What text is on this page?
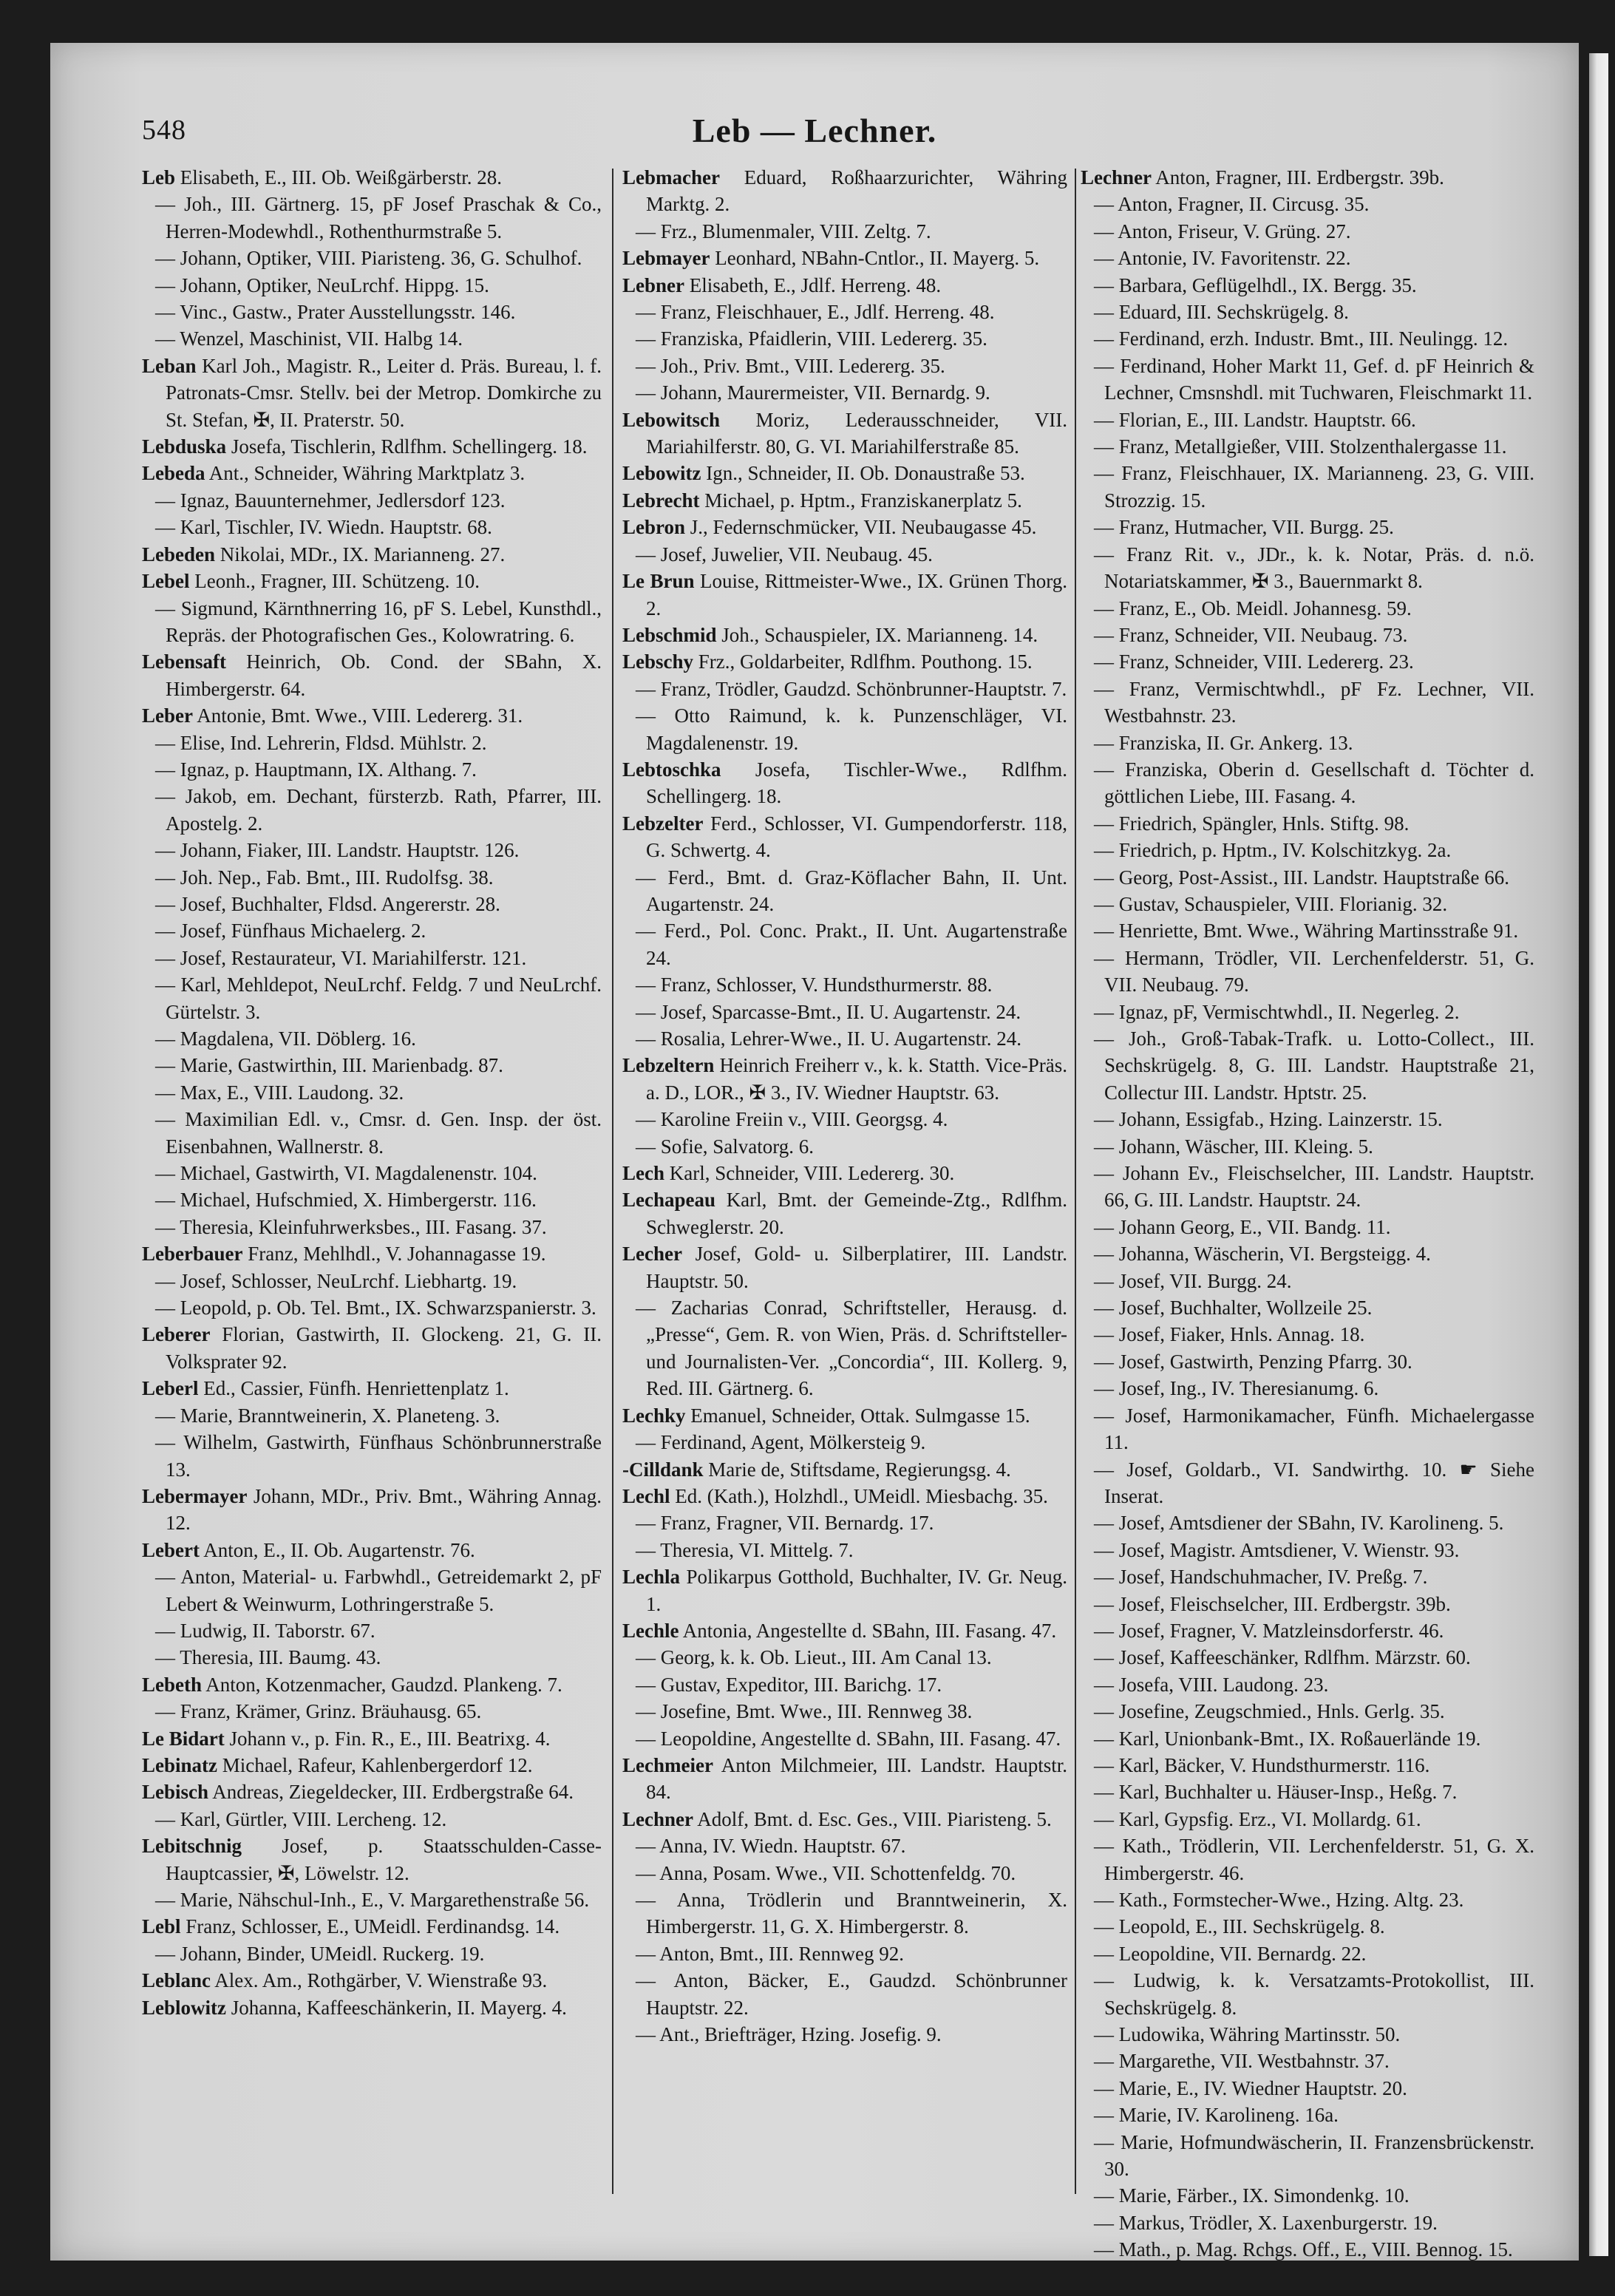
548	Leb — Lechner.
Leb Elisabeth, E., III. Ob. Weißgärberstr. 28.
— Joh., III. Gärtnerg. 15, pF Josef Praschak & Co., Herren-Modewhdl., Rothenthurmstraße 5.
— Johann, Optiker, VIII. Piaristeng. 36, G. Schulhof.
— Johann, Optiker, NeuLrchf. Hippg. 15.
— Vinc., Gastw., Prater Ausstellungsstr. 146.
— Wenzel, Maschinist, VII. Halbg 14.
Leban Karl Joh., Magistr. R., Leiter d. Präs. Bureau, l. f. Patronats-Cmsr. Stellv. bei der Metrop. Domkirche zu St. Stefan, ✠, II. Praterstr. 50.
Lebduska Josefa, Tischlerin, Rdlfhm. Schellingerg. 18.
Lebeda Ant., Schneider, Währing Marktplatz 3.
— Ignaz, Bauunternehmer, Jedlersdorf 123.
— Karl, Tischler, IV. Wiedn. Hauptstr. 68.
Lebeden Nikolai, MDr., IX. Marianneng. 27.
Lebel Leonh., Fragner, III. Schützeng. 10.
— Sigmund, Kärnthnerring 16, pF S. Lebel, Kunsthdl., Repräs. der Photografischen Ges., Kolowratring. 6.
Lebensaft Heinrich, Ob. Cond. der SBahn, X. Himbergerstr. 64.
Leber Antonie, Bmt. Wwe., VIII. Ledererg. 31.
— Elise, Ind. Lehrerin, Fldsd. Mühlstr. 2.
— Ignaz, p. Hauptmann, IX. Althang. 7.
— Jakob, em. Dechant, fürsterzb. Rath, Pfarrer, III. Apostelg. 2.
— Johann, Fiaker, III. Landstr. Hauptstr. 126.
— Joh. Nep., Fab. Bmt., III. Rudolfsg. 38.
— Josef, Buchhalter, Fldsd. Angererstr. 28.
— Josef, Fünfhaus Michaelerg. 2.
— Josef, Restaurateur, VI. Mariahilferstr. 121.
— Karl, Mehldepot, NeuLrchf. Feldg. 7 und NeuLrchf. Gürtelstr. 3.
— Magdalena, VII. Döblerg. 16.
— Marie, Gastwirthin, III. Marienbadg. 87.
— Max, E., VIII. Laudong. 32.
— Maximilian Edl. v., Cmsr. d. Gen. Insp. der öst. Eisenbahnen, Wallnerstr. 8.
— Michael, Gastwirth, VI. Magdalenenstr. 104.
— Michael, Hufschmied, X. Himbergerstr. 116.
— Theresia, Kleinfuhrwerksbes., III. Fasang. 37.
Leberbauer Franz, Mehlhdl., V. Johannagasse 19.
— Josef, Schlosser, NeuLrchf. Liebhartg. 19.
— Leopold, p. Ob. Tel. Bmt., IX. Schwarzspanierstr. 3.
Leberer Florian, Gastwirth, II. Glockeng. 21, G. II. Volksprater 92.
Leberl Ed., Cassier, Fünfh. Henriettenplatz 1.
— Marie, Branntweinerin, X. Planeteng. 3.
— Wilhelm, Gastwirth, Fünfhaus Schönbrunnerstraße 13.
Lebermayer Johann, MDr., Priv. Bmt., Währing Annag. 12.
Lebert Anton, E., II. Ob. Augartenstr. 76.
— Anton, Material- u. Farbwhdl., Getreidemarkt 2, pF Lebert & Weinwurm, Lothringerstraße 5.
— Ludwig, II. Taborstr. 67.
— Theresia, III. Baumg. 43.
Lebeth Anton, Kotzenmacher, Gaudzd. Plankeng. 7.
— Franz, Krämer, Grinz. Bräuhausg. 65.
Le Bidart Johann v., p. Fin. R., E., III. Beatrixg. 4.
Lebinatz Michael, Rafeur, Kahlenbergerdorf 12.
Lebisch Andreas, Ziegeldecker, III. Erdbergstraße 64.
— Karl, Gürtler, VIII. Lercheng. 12.
Lebitschnig Josef, p. Staatsschulden-Casse-Hauptcassier, ✠, Löwelstr. 12.
— Marie, Nähschul-Inh., E., V. Margarethenstraße 56.
Lebl Franz, Schlosser, E., UMeidl. Ferdinandsg. 14.
— Johann, Binder, UMeidl. Ruckerg. 19.
Leblanc Alex. Am., Rothgärber, V. Wienstraße 93.
Leblowitz Johanna, Kaffeeschänkerin, II. Mayerg. 4.
Lebmacher Eduard, Roßhaarzurichter, Währing Marktg. 2.
— Frz., Blumenmaler, VIII. Zeltg. 7.
Lebmayer Leonhard, NBahn-Cntlor., II. Mayerg. 5.
Lebner Elisabeth, E., Jdlf. Herreng. 48.
— Franz, Fleischhauer, E., Jdlf. Herreng. 48.
— Franziska, Pfaidlerin, VIII. Ledererg. 35.
— Joh., Priv. Bmt., VIII. Ledererg. 35.
— Johann, Maurermeister, VII. Bernardg. 9.
Lebowitsch Moriz, Lederausschneider, VII. Mariahilferstr. 80, G. VI. Mariahilferstraße 85.
Lebowitz Ign., Schneider, II. Ob. Donaustraße 53.
Lebrecht Michael, p. Hptm., Franziskanerplatz 5.
Lebron J., Federnschmücker, VII. Neubaugasse 45.
— Josef, Juwelier, VII. Neubaug. 45.
Le Brun Louise, Rittmeister-Wwe., IX. Grünen Thorg. 2.
Lebschmid Joh., Schauspieler, IX. Marianneng. 14.
Lebschy Frz., Goldarbeiter, Rdlfhm. Pouthong. 15.
— Franz, Trödler, Gaudzd. Schönbrunner-Hauptstr. 7.
— Otto Raimund, k. k. Punzenschläger, VI. Magdalenenstr. 19.
Lebtoschka Josefa, Tischler-Wwe., Rdlfhm. Schellingerg. 18.
Lebzelter Ferd., Schlosser, VI. Gumpendorferstr. 118, G. Schwertg. 4.
— Ferd., Bmt. d. Graz-Köflacher Bahn, II. Unt. Augartenstr. 24.
— Ferd., Pol. Conc. Prakt., II. Unt. Augartenstraße 24.
— Franz, Schlosser, V. Hundsthurmerstr. 88.
— Josef, Sparcasse-Bmt., II. U. Augartenstr. 24.
— Rosalia, Lehrer-Wwe., II. U. Augartenstr. 24.
Lebzeltern Heinrich Freiherr v., k. k. Statth. Vice-Präs. a. D., LOR., ✠ 3., IV. Wiedner Hauptstr. 63.
— Karoline Freiin v., VIII. Georgsg. 4.
— Sofie, Salvatorg. 6.
Lech Karl, Schneider, VIII. Ledererg. 30.
Lechapeau Karl, Bmt. der Gemeinde-Ztg., Rdlfhm. Schweglerstr. 20.
Lecher Josef, Gold- u. Silberplatirer, III. Landstr. Hauptstr. 50.
— Zacharias Conrad, Schriftsteller, Herausg. d. „Presse“, Gem. R. von Wien, Präs. d. Schriftsteller- und Journalisten-Ver. „Concordia“, III. Kollerg. 9, Red. III. Gärtnerg. 6.
Lechky Emanuel, Schneider, Ottak. Sulmgasse 15.
— Ferdinand, Agent, Mölkersteig 9.
-Cilldank Marie de, Stiftsdame, Regierungsg. 4.
Lechl Ed. (Kath.), Holzhdl., UMeidl. Miesbachg. 35.
— Franz, Fragner, VII. Bernardg. 17.
— Theresia, VI. Mittelg. 7.
Lechla Polikarpus Gotthold, Buchhalter, IV. Gr. Neug. 1.
Lechle Antonia, Angestellte d. SBahn, III. Fasang. 47.
— Georg, k. k. Ob. Lieut., III. Am Canal 13.
— Gustav, Expeditor, III. Barichg. 17.
— Josefine, Bmt. Wwe., III. Rennweg 38.
— Leopoldine, Angestellte d. SBahn, III. Fasang. 47.
Lechmeier Anton Milchmeier, III. Landstr. Hauptstr. 84.
Lechner Adolf, Bmt. d. Esc. Ges., VIII. Piaristeng. 5.
— Anna, IV. Wiedn. Hauptstr. 67.
— Anna, Posam. Wwe., VII. Schottenfeldg. 70.
— Anna, Trödlerin und Branntweinerin, X. Himbergerstr. 11, G. X. Himbergerstr. 8.
— Anton, Bmt., III. Rennweg 92.
— Anton, Bäcker, E., Gaudzd. Schönbrunner Hauptstr. 22.
— Ant., Briefträger, Hzing. Josefig. 9.
Lechner Anton, Fragner, III. Erdbergstr. 39b.
— Anton, Fragner, II. Circusg. 35.
— Anton, Friseur, V. Grüng. 27.
— Antonie, IV. Favoritenstr. 22.
— Barbara, Geflügelhdl., IX. Bergg. 35.
— Eduard, III. Sechskrügelg. 8.
— Ferdinand, erzh. Industr. Bmt., III. Neulingg. 12.
— Ferdinand, Hoher Markt 11, Gef. d. pF Heinrich & Lechner, Cmsnshdl. mit Tuchwaren, Fleischmarkt 11.
— Florian, E., III. Landstr. Hauptstr. 66.
— Franz, Metallgießer, VIII. Stolzenthalergasse 11.
— Franz, Fleischhauer, IX. Marianneng. 23, G. VIII. Strozzig. 15.
— Franz, Hutmacher, VII. Burgg. 25.
— Franz Rit. v., JDr., k. k. Notar, Präs. d. n.ö. Notariatskammer, ✠ 3., Bauernmarkt 8.
— Franz, E., Ob. Meidl. Johannesg. 59.
— Franz, Schneider, VII. Neubaug. 73.
— Franz, Schneider, VIII. Ledererg. 23.
— Franz, Vermischtwhdl., pF Fz. Lechner, VII. Westbahnstr. 23.
— Franziska, II. Gr. Ankerg. 13.
— Franziska, Oberin d. Gesellschaft d. Töchter d. göttlichen Liebe, III. Fasang. 4.
— Friedrich, Spängler, Hnls. Stiftg. 98.
— Friedrich, p. Hptm., IV. Kolschitzkyg. 2a.
— Georg, Post-Assist., III. Landstr. Hauptstraße 66.
— Gustav, Schauspieler, VIII. Florianig. 32.
— Henriette, Bmt. Wwe., Währing Martinsstraße 91.
— Hermann, Trödler, VII. Lerchenfelderstr. 51, G. VII. Neubaug. 79.
— Ignaz, pF, Vermischtwhdl., II. Negerleg. 2.
— Joh., Groß-Tabak-Trafk. u. Lotto-Collect., III. Sechskrügelg. 8, G. III. Landstr. Hauptstraße 21, Collectur III. Landstr. Hptstr. 25.
— Johann, Essigfab., Hzing. Lainzerstr. 15.
— Johann, Wäscher, III. Kleing. 5.
— Johann Ev., Fleischselcher, III. Landstr. Hauptstr. 66, G. III. Landstr. Hauptstr. 24.
— Johann Georg, E., VII. Bandg. 11.
— Johanna, Wäscherin, VI. Bergsteigg. 4.
— Josef, VII. Burgg. 24.
— Josef, Buchhalter, Wollzeile 25.
— Josef, Fiaker, Hnls. Annag. 18.
— Josef, Gastwirth, Penzing Pfarrg. 30.
— Josef, Ing., IV. Theresianumg. 6.
— Josef, Harmonikamacher, Fünfh. Michaelergasse 11.
— Josef, Goldarb., VI. Sandwirthg. 10. ☛ Siehe Inserat.
— Josef, Amtsdiener der SBahn, IV. Karolineng. 5.
— Josef, Magistr. Amtsdiener, V. Wienstr. 93.
— Josef, Handschuhmacher, IV. Preßg. 7.
— Josef, Fleischselcher, III. Erdbergstr. 39b.
— Josef, Fragner, V. Matzleinsdorferstr. 46.
— Josef, Kaffeeschänker, Rdlfhm. Märzstr. 60.
— Josefa, VIII. Laudong. 23.
— Josefine, Zeugschmied., Hnls. Gerlg. 35.
— Karl, Unionbank-Bmt., IX. Roßauerlände 19.
— Karl, Bäcker, V. Hundsthurmerstr. 116.
— Karl, Buchhalter u. Häuser-Insp., Heßg. 7.
— Karl, Gypsfig. Erz., VI. Mollardg. 61.
— Kath., Trödlerin, VII. Lerchenfelderstr. 51, G. X. Himbergerstr. 46.
— Kath., Formstecher-Wwe., Hzing. Altg. 23.
— Leopold, E., III. Sechskrügelg. 8.
— Leopoldine, VII. Bernardg. 22.
— Ludwig, k. k. Versatzamts-Protokollist, III. Sechskrügelg. 8.
— Ludowika, Währing Martinsstr. 50.
— Margarethe, VII. Westbahnstr. 37.
— Marie, E., IV. Wiedner Hauptstr. 20.
— Marie, IV. Karolineng. 16a.
— Marie, Hofmundwäscherin, II. Franzensbrückenstr. 30.
— Marie, Färber., IX. Simondenkg. 10.
— Markus, Trödler, X. Laxenburgerstr. 19.
— Math., p. Mag. Rchgs. Off., E., VIII. Bennog. 15.
